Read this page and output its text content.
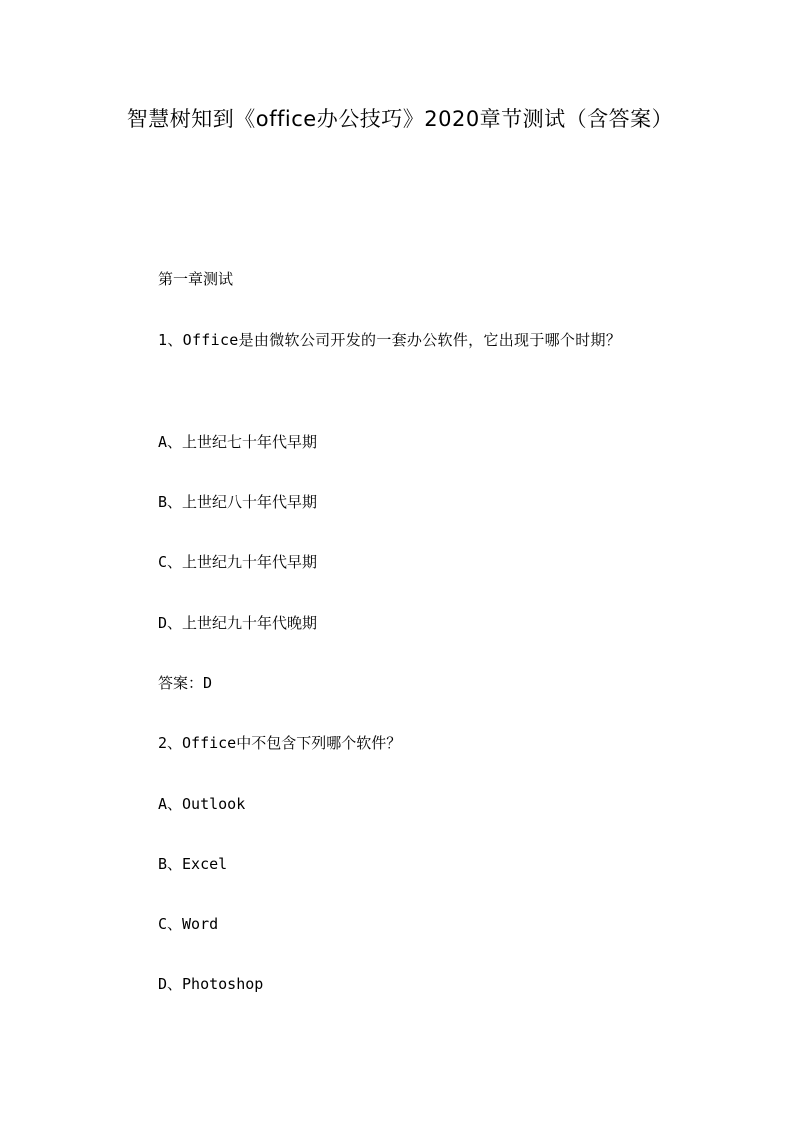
智慧树知到《office办公技巧》2020章节测试（含答案）
第一章测试
1、Office是由微软公司开发的一套办公软件，它出现于哪个时期？
A、上世纪七十年代早期
B、上世纪八十年代早期
C、上世纪九十年代早期
D、上世纪九十年代晚期
答案：D
2、Office中不包含下列哪个软件？
A、Outlook
B、Excel
C、Word
D、Photoshop
